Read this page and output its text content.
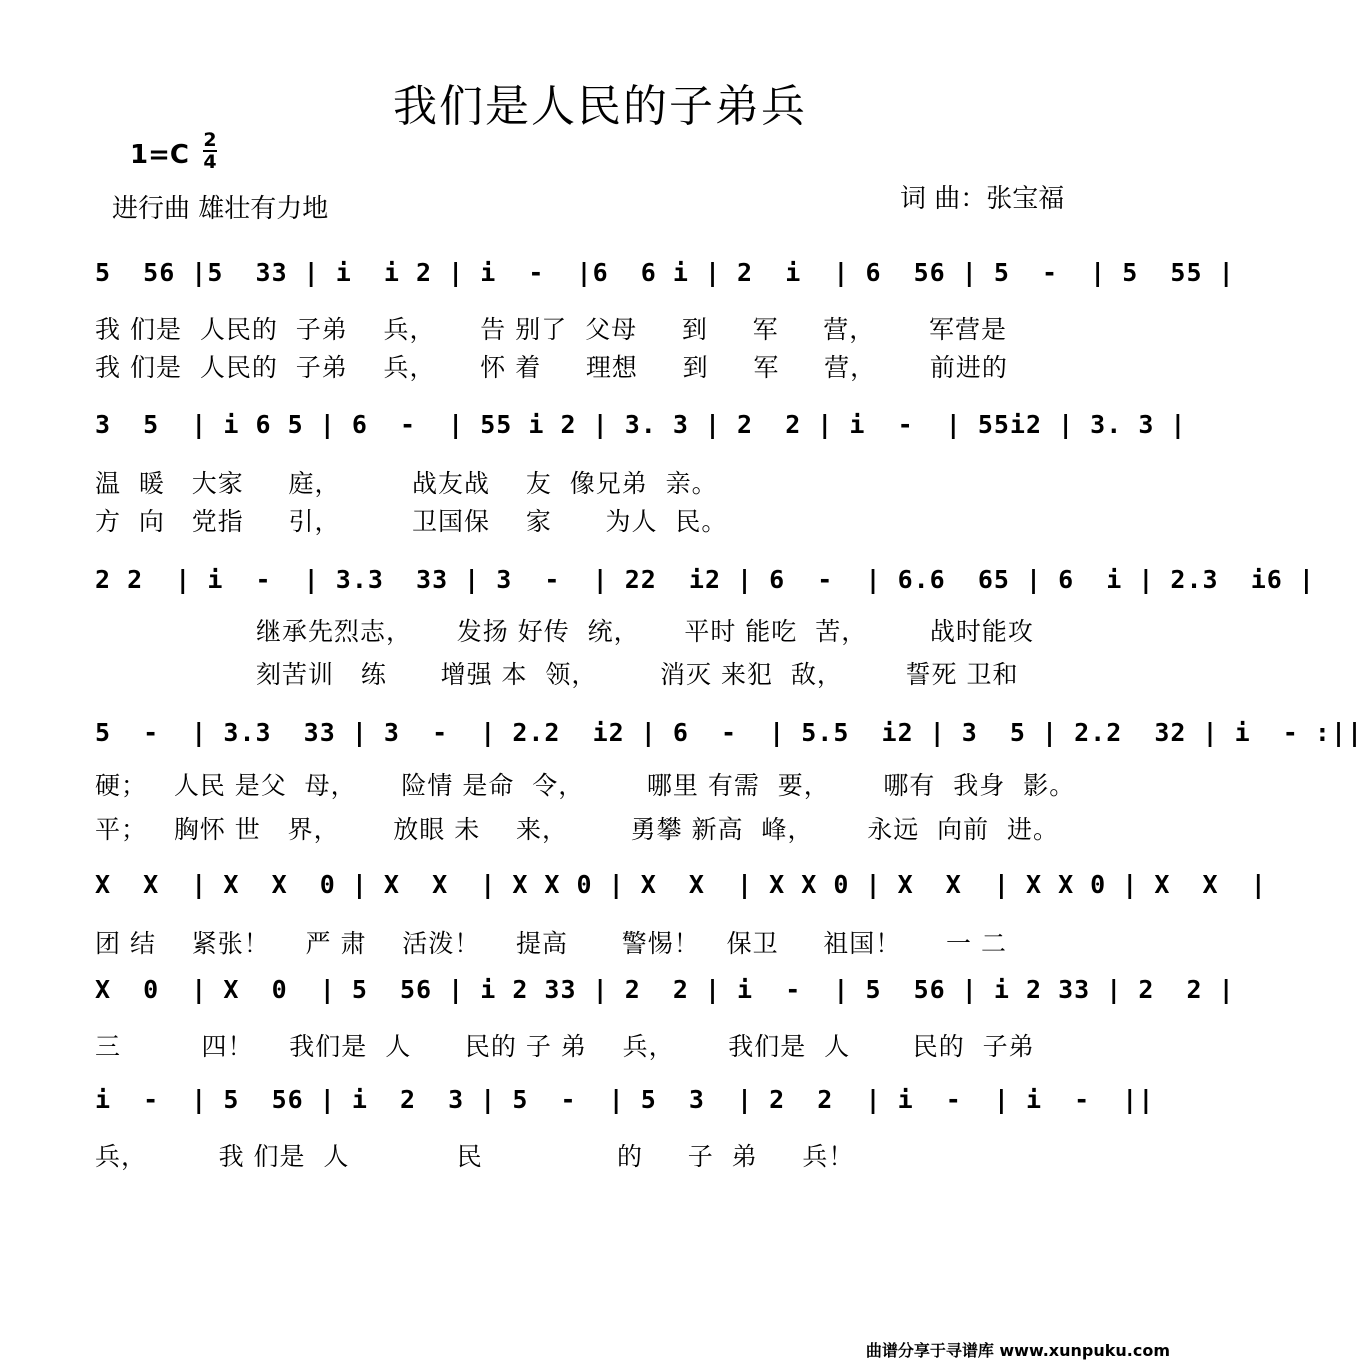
我们是人民的子弟兵
$1=C \frac{2}{4}$
进行曲 雄壮有力地	词 曲：张宝福
5  56 |5  33 | i  i 2 | i  -  |6  6 i | 2  i  | 6  56 | 5  -  | 5  55 |
我 们是  人民的  子弟    兵，     告 别了  父母     到     军     营，      军营是
我 们是  人民的  子弟    兵，     怀 着     理想     到     军     营，      前进的
3  5  | i 6 5 | 6  -  | 55 i 2 | 3. 3 | 2  2 | i  -  | 55i2 | 3. 3 |
温  暖   大家     庭，        战友战    友  像兄弟  亲。
方  向   党指     引，        卫国保    家      为人  民。
2 2  | i  -  | 3.3  33 | 3  -  | 22  i2 | 6  -  | 6.6  65 | 6  i | 2.3  i6 |
继承先烈志，     发扬 好传  统，     平时 能吃  苦，       战时能攻
刻苦训   练      增强 本  领，       消灭 来犯  敌，       誓死 卫和
5  -  | 3.3  33 | 3  -  | 2.2  i2 | 6  -  | 5.5  i2 | 3  5 | 2.2  32 | i  - :||
硬；   人民 是父  母，     险情 是命  令，       哪里 有需  要，      哪有  我身  影。
平；   胸怀 世   界，      放眼 未    来，       勇攀 新高  峰，      永远  向前  进。
X  X  | X  X  0 | X  X  | X X 0 | X  X  | X X 0 | X  X  | X X 0 | X  X  |
团 结    紧张！    严 肃    活泼！    提高      警惕！   保卫     祖国！     一 二
X  0  | X  0  | 5  56 | i 2 33 | 2  2 | i  -  | 5  56 | i 2 33 | 2  2 |
三         四！    我们是  人      民的 子 弟    兵，      我们是  人       民的  子弟
i  -  | 5  56 | i  2  3 | 5  -  | 5  3  | 2  2  | i  -  | i  -  ||
兵，        我 们是  人            民               的     子  弟     兵！
曲谱分享于寻谱库 www.xunpuku.com
